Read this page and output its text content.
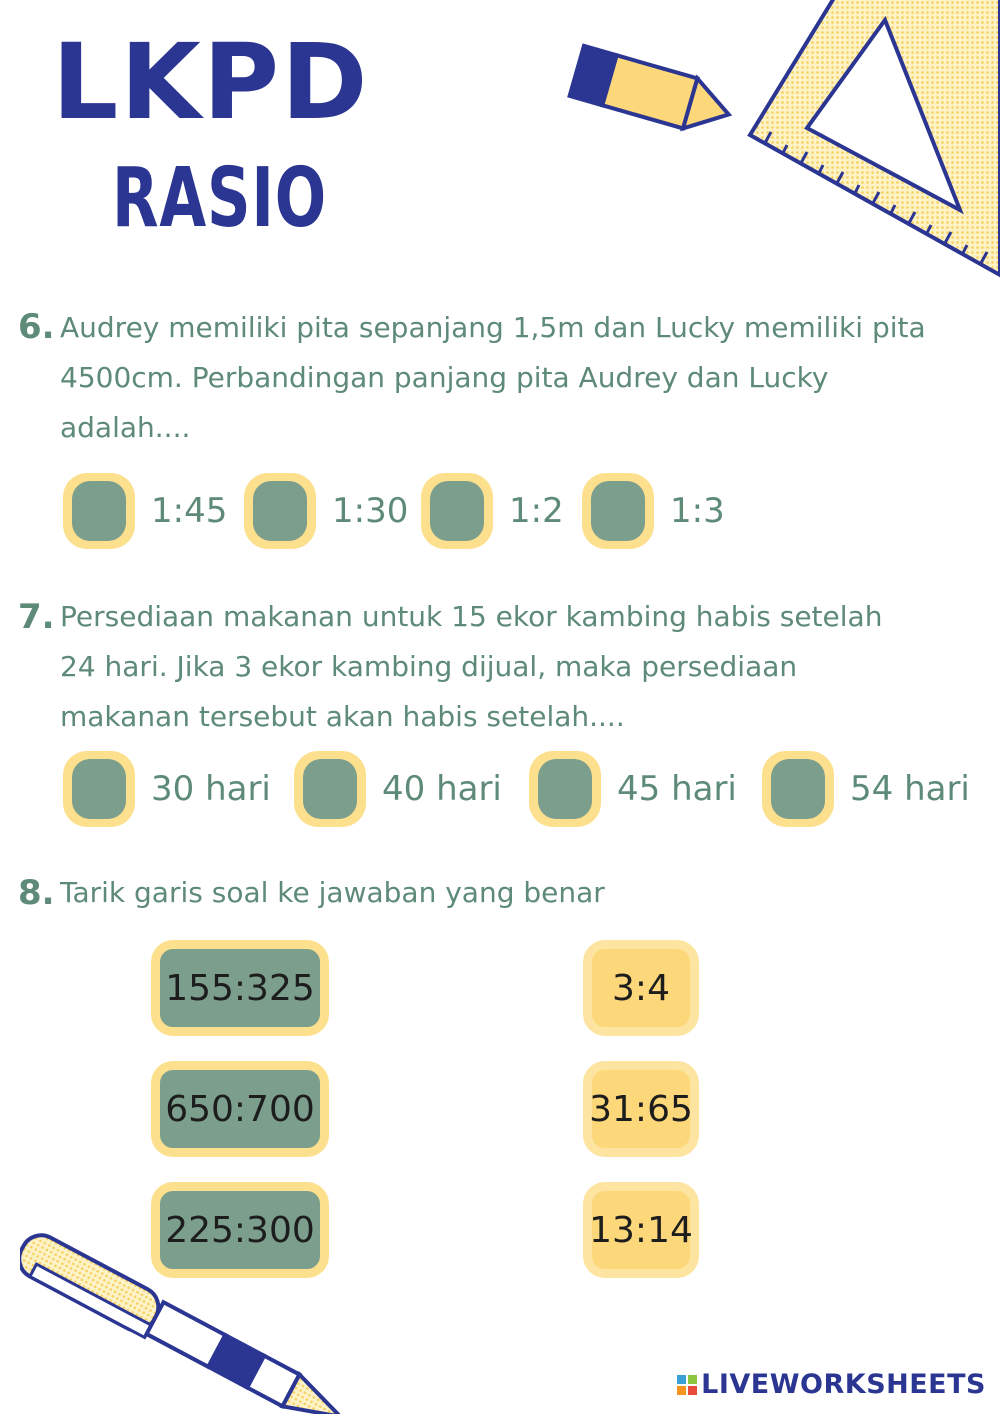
LKPD
RASIO
6. Audrey memiliki pita sepanjang 1,5m dan Lucky memiliki pita
4500cm. Perbandingan panjang pita Audrey dan Lucky
adalah....
1:45	1:30	1:2	1:3
7. Persediaan makanan untuk 15 ekor kambing habis setelah
24 hari. Jika 3 ekor kambing dijual, maka persediaan
makanan tersebut akan habis setelah....
30 hari	40 hari	45 hari	54 hari
8. Tarik garis soal ke jawaban yang benar
155:325
650:700
225:300
3:4
31:65
13:14
LIVEWORKSHEETS
